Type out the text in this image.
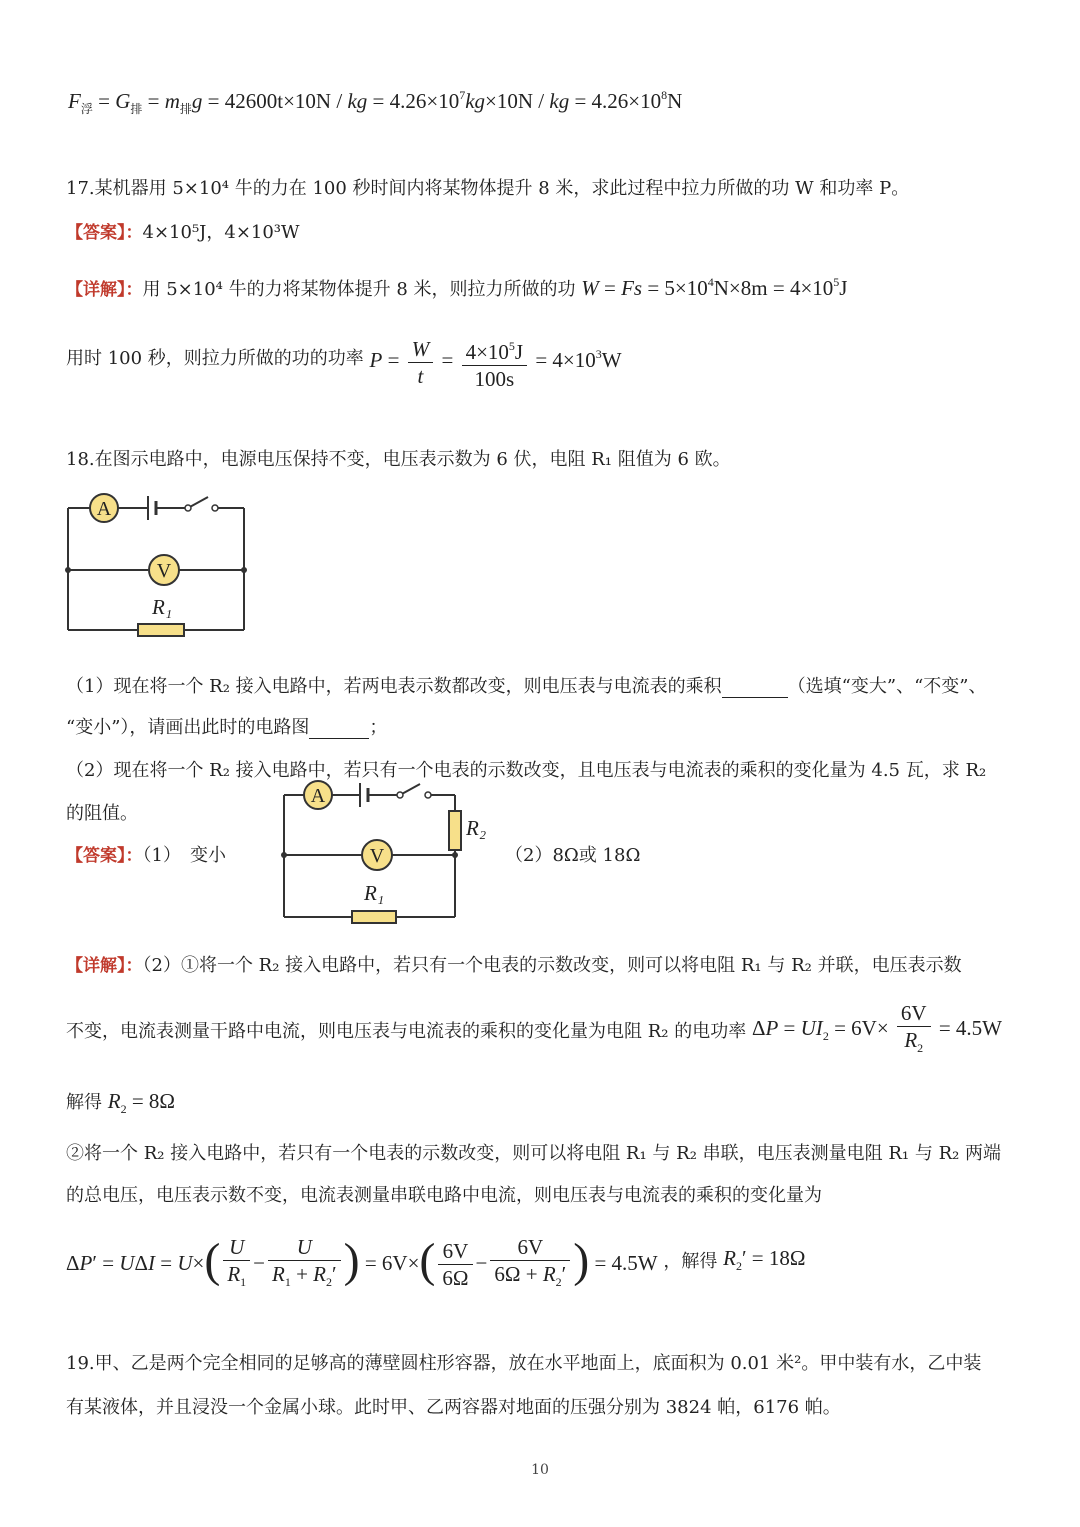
$F_浮 = G_排 = m_排g = 42600t\times 10N$ / kg = $4.26\times 10^7kg\times 10N$ / kg = $4.26\times 10^8N$
17.某机器用 5×10⁴ 牛的力在 100 秒时间内将某物体提升 8 米，求此过程中拉力所做的功 W 和功率 P。
【答案】：4×10⁵J，4×10³W
【详解】：用 5×10⁴ 牛的力将某物体提升 8 米，则拉力所做的功 $W = Fs = 5\times 10^4N\times 8m = 4\times 10^5J$
用时 100 秒，则拉力所做的功的功率 $P = \frac{W}{t} = \frac{4\times 10^5J}{100s} = 4\times 10^3W$
18.在图示电路中，电源电压保持不变，电压表示数为 6 伏，电阻 R₁ 阻值为 6 欧。
A
V
R₁
（1）现在将一个 R₂ 接入电路中，若两电表示数都改变，则电压表与电流表的乘积	（选填“变大”、“不变”、
“变小”），请画出此时的电路图	；
（2）现在将一个 R₂ 接入电路中，若只有一个电表的示数改变，且电压表与电流表的乘积的变化量为 4.5 瓦，求 R₂
的阻值。
【答案】：（1）　变小	（2）8Ω或 18Ω
A
V
R₂
R₁
【详解】：（2）①将一个 R₂ 接入电路中，若只有一个电表的示数改变，则可以将电阻 R₁ 与 R₂ 并联，电压表示数
不变，电流表测量干路中电流，则电压表与电流表的乘积的变化量为电阻 R₂ 的电功率 $\Delta P = UI_2 = 6V\times \frac{6V}{R_2} = 4.5W$
解得 $R_2 = 8\Omega$
②将一个 R₂ 接入电路中，若只有一个电表的示数改变，则可以将电阻 R₁ 与 R₂ 串联，电压表测量电阻 R₁ 与 R₂ 两端
的总电压，电压表示数不变，电流表测量串联电路中电流，则电压表与电流表的乘积的变化量为
$\Delta P' = U\Delta I = U\times( \frac{U}{R_1} - \frac{U}{R_1 + R_2'}$ ) = $6V\times( \frac{6V}{6\Omega} - \frac{6V}{6\Omega + R_2'}$ ) = 4.5W ，解得 $R_2' = 18\Omega$
19.甲、乙是两个完全相同的足够高的薄壁圆柱形容器，放在水平地面上，底面积为 0.01 米²。甲中装有水，乙中装
有某液体，并且浸没一个金属小球。此时甲、乙两容器对地面的压强分别为 3824 帕，6176 帕。
10
